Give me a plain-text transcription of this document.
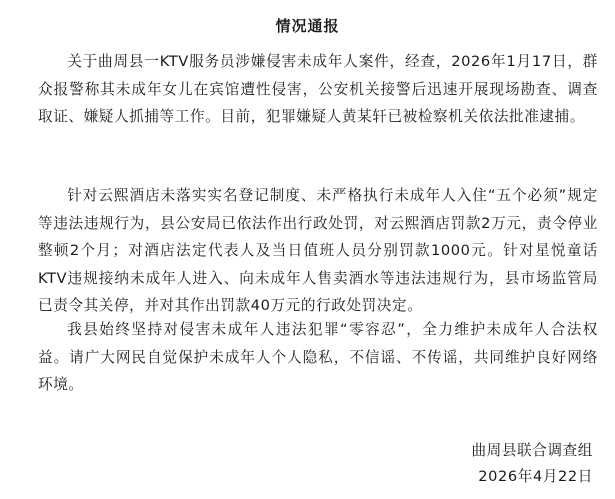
情况通报

关于曲周县一KTV服务员涉嫌侵害未成年人案件，经查，2026年1月17日，群众报警称其未成年女儿在宾馆遭性侵害，公安机关接警后迅速开展现场勘查、调查取证、嫌疑人抓捕等工作。目前，犯罪嫌疑人黄某轩已被检察机关依法批准逮捕。

针对云熙酒店未落实实名登记制度、未严格执行未成年人入住“五个必须”规定等违法违规行为，县公安局已依法作出行政处罚，对云熙酒店罚款2万元，责令停业整顿2个月；对酒店法定代表人及当日值班人员分别罚款1000元。针对星悦童话KTV违规接纳未成年人进入、向未成年人售卖酒水等违法违规行为，县市场监管局已责令其关停，并对其作出罚款40万元的行政处罚决定。

我县始终坚持对侵害未成年人违法犯罪“零容忍”，全力维护未成年人合法权益。请广大网民自觉保护未成年人个人隐私，不信谣、不传谣，共同维护良好网络环境。

曲周县联合调查组
2026年4月22日
